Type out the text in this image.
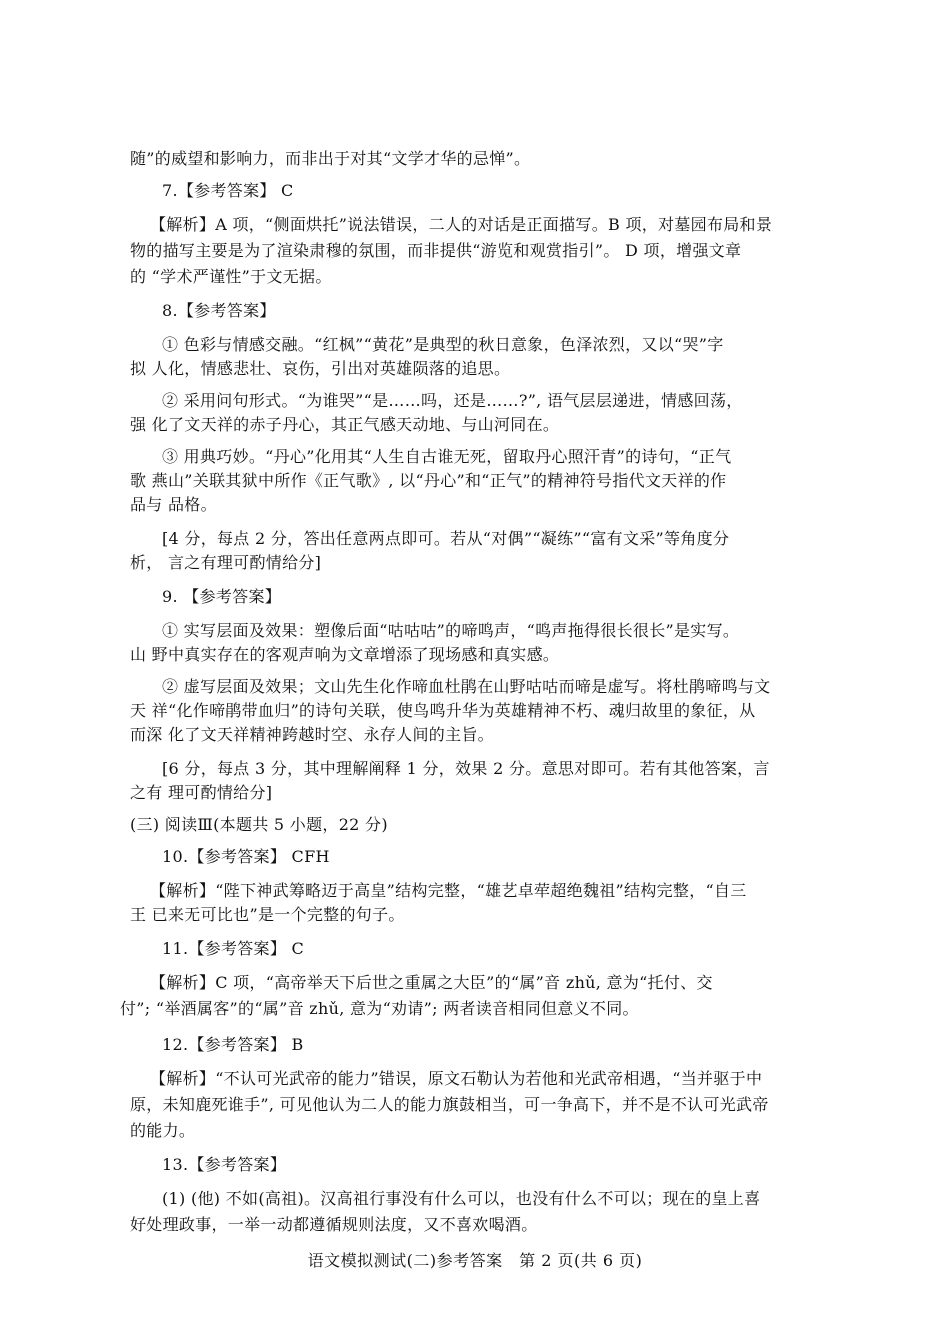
随”的威望和影响力，而非出于对其“文学才华的忌惮”。
7.【参考答案】 C
【解析】A 项，“侧面烘托”说法错误，二人的对话是正面描写。B 项，对墓园布局和景
物的描写主要是为了渲染肃穆的氛围，而非提供“游览和观赏指引”。 D 项，增强文章
的 “学术严谨性”于文无据。
8.【参考答案】
① 色彩与情感交融。“红枫”“黄花”是典型的秋日意象，色泽浓烈，又以“哭”字
拟 人化，情感悲壮、哀伤，引出对英雄陨落的追思。
② 采用问句形式。“为谁哭”“是……吗，还是……?”, 语气层层递进，情感回荡，
强 化了文天祥的赤子丹心，其正气感天动地、与山河同在。
③ 用典巧妙。“丹心”化用其“人生自古谁无死，留取丹心照汗青”的诗句，“正气
歌 燕山”关联其狱中所作《正气歌》, 以“丹心”和“正气”的精神符号指代文天祥的作
品与 品格。
[4 分，每点 2 分，答出任意两点即可。若从“对偶”“凝练”“富有文采”等角度分
析， 言之有理可酌情给分]
9. 【参考答案】
① 实写层面及效果：塑像后面“咕咕咕”的啼鸣声，“鸣声拖得很长很长”是实写。
山 野中真实存在的客观声响为文章增添了现场感和真实感。
② 虚写层面及效果；文山先生化作啼血杜鹃在山野咕咕而啼是虚写。将杜鹃啼鸣与文
天 祥“化作啼鹃带血归”的诗句关联，使鸟鸣升华为英雄精神不朽、魂归故里的象征，从
而深 化了文天祥精神跨越时空、永存人间的主旨。
[6 分，每点 3 分，其中理解阐释 1 分，效果 2 分。意思对即可。若有其他答案，言
之有 理可酌情给分]
(三) 阅读Ⅲ(本题共 5 小题，22 分)
10.【参考答案】 CFH
【解析】“陛下神武筹略迈于高皇”结构完整，“雄艺卓荦超绝魏祖”结构完整，“自三
王 已来无可比也”是一个完整的句子。
11.【参考答案】 C
【解析】C 项，“高帝举天下后世之重属之大臣”的“属”音 zhǔ, 意为“托付、交
付”; “举酒属客”的“属”音 zhǔ, 意为“劝请”; 两者读音相同但意义不同。
12.【参考答案】 B
【解析】“不认可光武帝的能力”错误，原文石勒认为若他和光武帝相遇，“当并驱于中
原，未知鹿死谁手”, 可见他认为二人的能力旗鼓相当，可一争高下，并不是不认可光武帝
的能力。
13.【参考答案】
(1) (他) 不如(高祖)。汉高祖行事没有什么可以，也没有什么不可以；现在的皇上喜
好处理政事，一举一动都遵循规则法度，又不喜欢喝酒。
语文模拟测试(二)参考答案　第 2 页(共 6 页)
